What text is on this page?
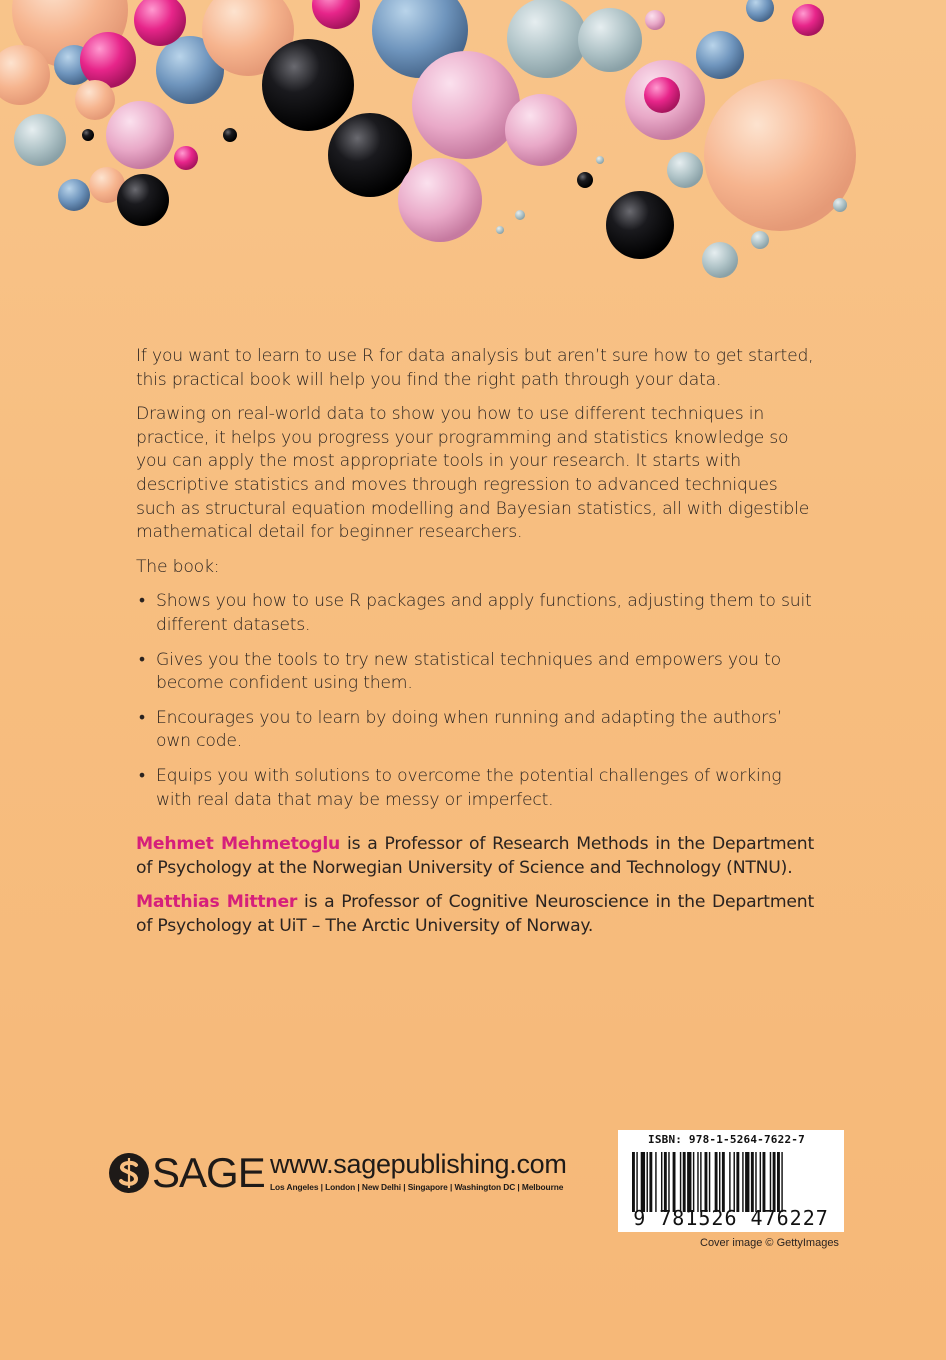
If you want to learn to use R for data analysis but aren’t sure how to get started, this practical book will help you find the right path through your data.

Drawing on real-world data to show you how to use different techniques in practice, it helps you progress your programming and statistics knowledge so you can apply the most appropriate tools in your research. It starts with descriptive statistics and moves through regression to advanced techniques such as structural equation modelling and Bayesian statistics, all with digestible mathematical detail for beginner researchers.

The book:

• Shows you how to use R packages and apply functions, adjusting them to suit different datasets.
• Gives you the tools to try new statistical techniques and empowers you to become confident using them.
• Encourages you to learn by doing when running and adapting the authors’ own code.
• Equips you with solutions to overcome the potential challenges of working with real data that may be messy or imperfect.

Mehmet Mehmetoglu is a Professor of Research Methods in the Department of Psychology at the Norwegian University of Science and Technology (NTNU).

Matthias Mittner is a Professor of Cognitive Neuroscience in the Department of Psychology at UiT – The Arctic University of Norway.

SAGE www.sagepublishing.com
Los Angeles | London | New Delhi | Singapore | Washington DC | Melbourne
ISBN: 978-1-5264-7622-7
9 781526 476227
Cover image © GettyImages
